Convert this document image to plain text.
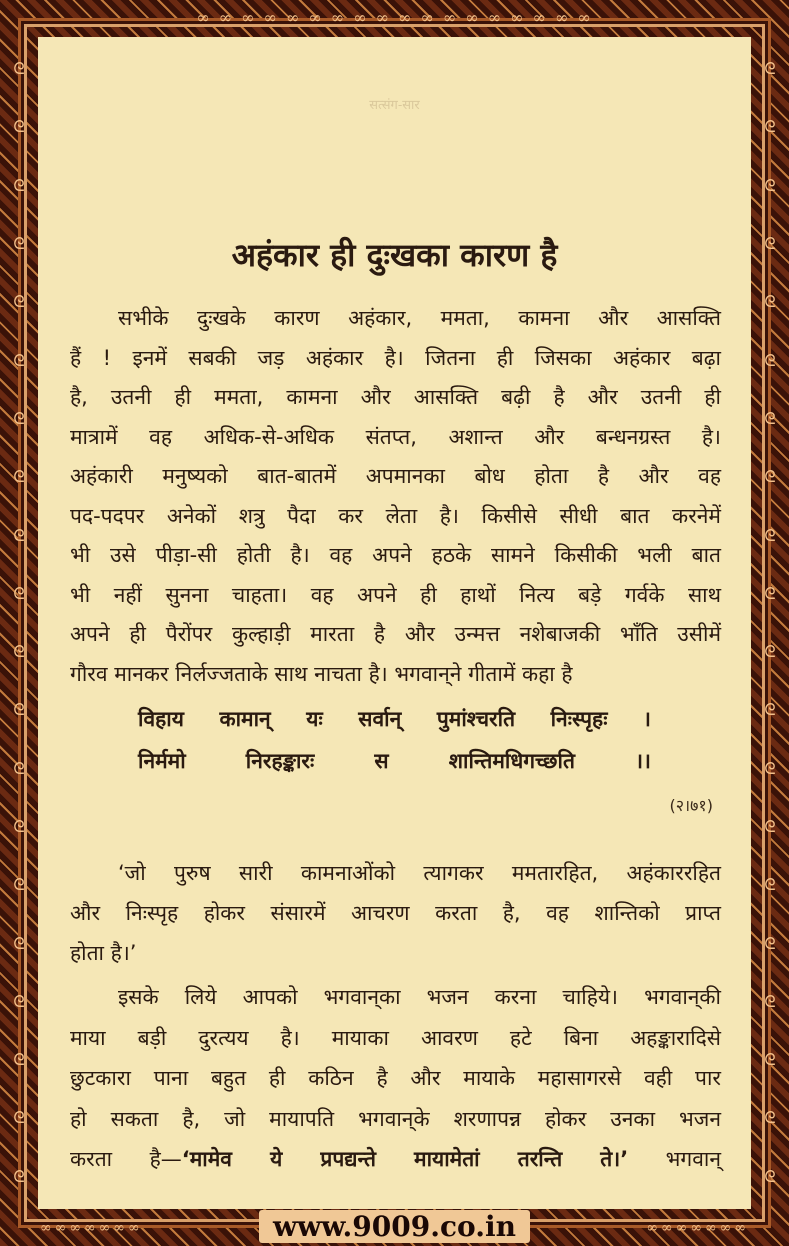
∞ ∞ ∞ ∞ ∞ ∞ ∞ ∞ ∞ ∞ ∞ ∞ ∞ ∞ ∞ ∞ ∞ ∞
ᘓ
ᘓ
ᘓ
ᘓ
ᘓ
ᘓ
ᘓ
ᘓ
ᘓ
ᘓ
ᘓ
ᘓ
ᘓ
ᘓ
ᘓ
ᘓ
ᘓ
ᘓ
ᘓ
ᘓ
ᘓ
ᘓ
ᘓ
ᘓ
ᘓ
ᘓ
ᘓ
ᘓ
ᘓ
ᘓ
ᘓ
ᘓ
ᘓ
ᘓ
ᘓ
ᘓ
ᘓ
ᘓ
ᘓ
ᘓ
सत्संग-सार
अहंकार ही दुःखका कारण है
सभीके दुःखके कारण अहंकार, ममता, कामना और आसक्ति
हैं ! इनमें सबकी जड़ अहंकार है। जितना ही जिसका अहंकार बढ़ा
है, उतनी ही ममता, कामना और आसक्ति बढ़ी है और उतनी ही
मात्रामें वह अधिक-से-अधिक संतप्त, अशान्त और बन्धनग्रस्त है।
अहंकारी मनुष्यको बात-बातमें अपमानका बोध होता है और वह
पद-पदपर अनेकों शत्रु पैदा कर लेता है। किसीसे सीधी बात करनेमें
भी उसे पीड़ा-सी होती है। वह अपने हठके सामने किसीकी भली बात
भी नहीं सुनना चाहता। वह अपने ही हाथों नित्य बड़े गर्वके साथ
अपने ही पैरोंपर कुल्हाड़ी मारता है और उन्मत्त नशेबाजकी भाँति उसीमें
गौरव मानकर निर्लज्जताके साथ नाचता है। भगवान्‌ने गीतामें कहा है
विहाय कामान् यः सर्वान् पुमांश्चरति निःस्पृहः ।
निर्ममो निरहङ्कारः स शान्तिमधिगच्छति ।।
(२।७१)
‘जो पुरुष सारी कामनाओंको त्यागकर ममतारहित, अहंकाररहित
और निःस्पृह होकर संसारमें आचरण करता है, वह शान्तिको प्राप्त
होता है।’
इसके लिये आपको भगवान्‌का भजन करना चाहिये। भगवान्‌की
माया बड़ी दुरत्यय है। मायाका आवरण हटे बिना अहङ्कारादिसे
छुटकारा पाना बहुत ही कठिन है और मायाके महासागरसे वही पार
हो सकता है, जो मायापति भगवान्‌के शरणापन्न होकर उनका भजन
करता है—‘मामेव ये प्रपद्यन्ते मायामेतां तरन्ति ते।’ भगवान्
∞∞∞∞∞∞∞	∞∞∞∞∞∞∞
www.9009.co.in
